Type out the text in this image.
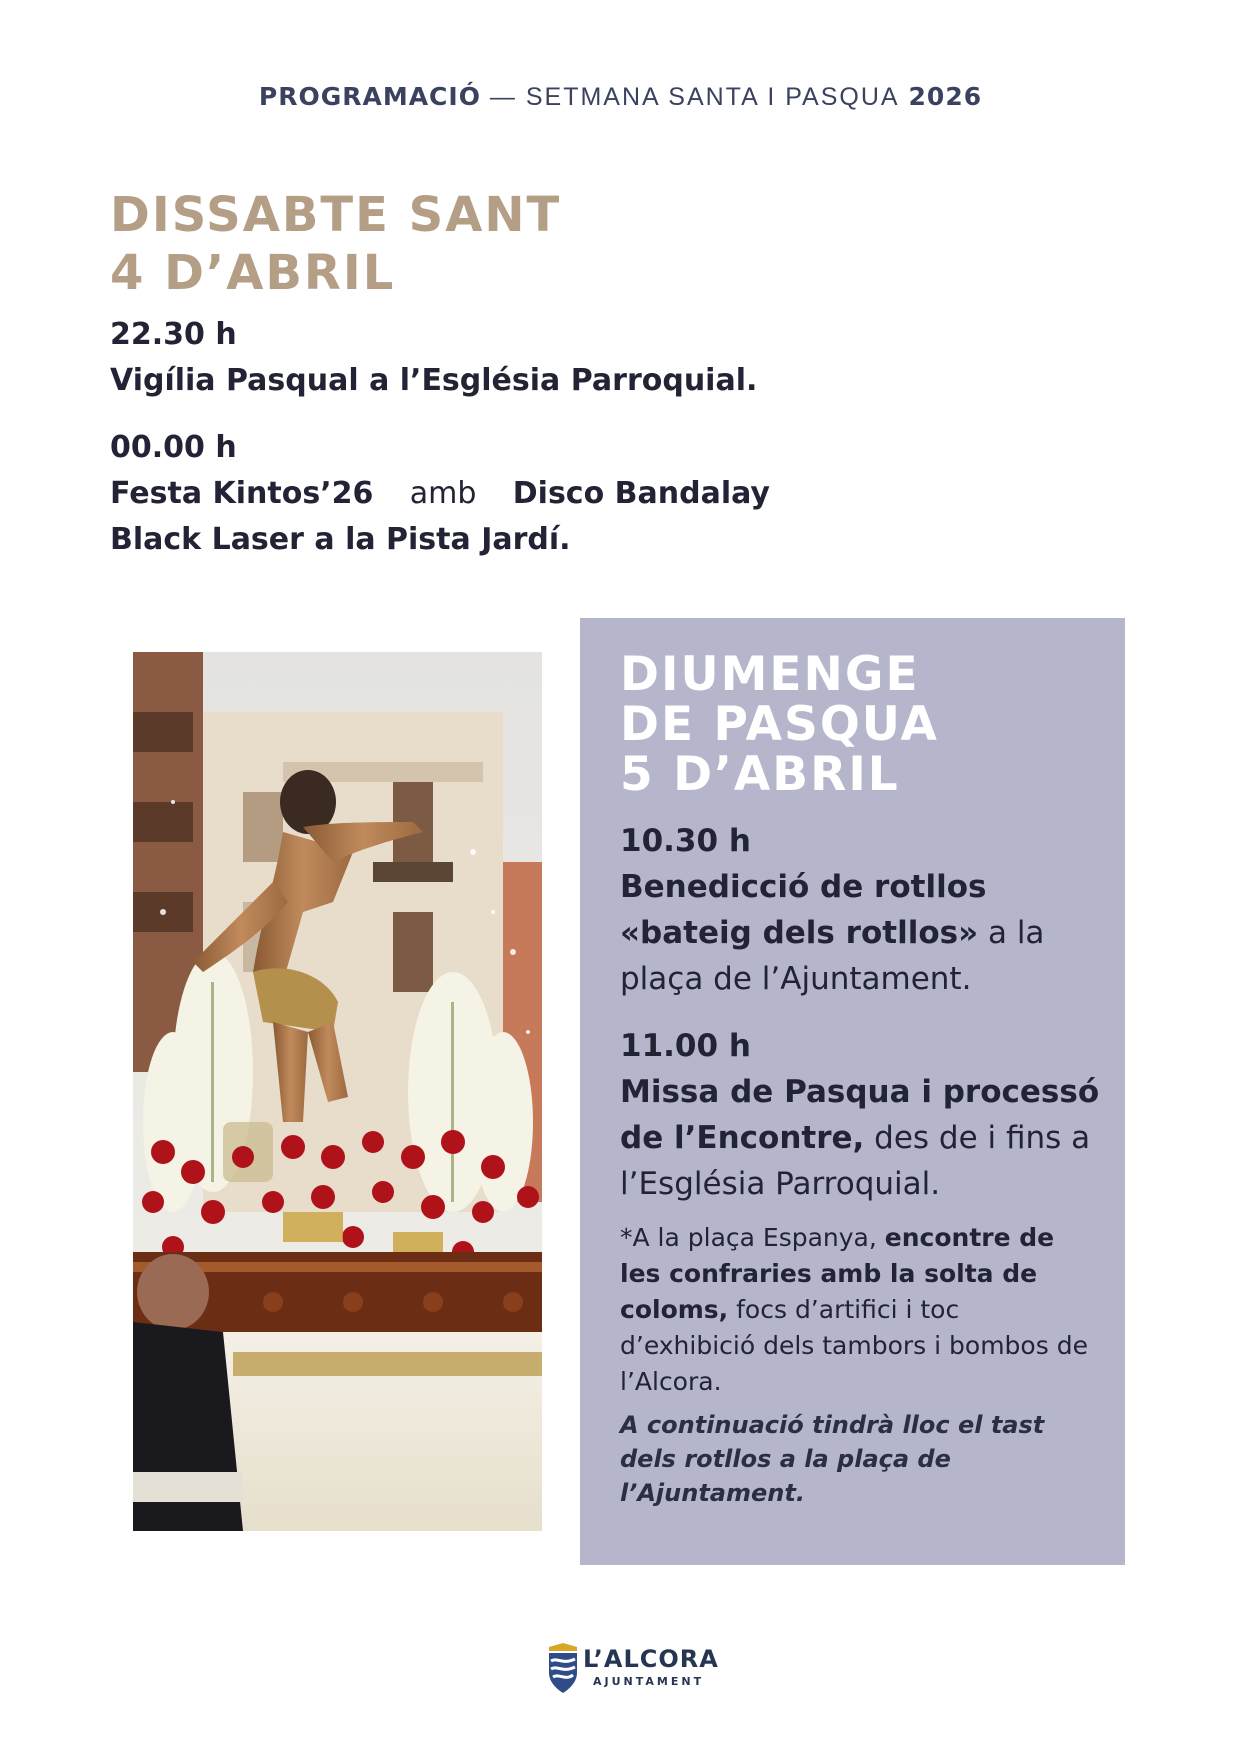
PROGRAMACIÓ — SETMANA SANTA I PASQUA 2026
DISSABTE SANT
4 D’ABRIL
22.30 h
Vigília Pasqual a l’Església Parroquial.
00.00 h
Festa Kintos’26 amb Disco Bandalay
Black Laser a la Pista Jardí.
DIUMENGE
DE PASQUA
5 D’ABRIL
10.30 h
Benedicció de rotllos
«bateig dels rotllos» a la
plaça de l’Ajuntament.
11.00 h
Missa de Pasqua i processó
de l’Encontre, des de i fins a
l’Església Parroquial.
*A la plaça Espanya, encontre de les confraries amb la solta de coloms, focs d’artifici i toc d’exhibició dels tambors i bombos de l’Alcora.
A continuació tindrà lloc el tast dels rotllos a la plaça de l’Ajuntament.
L’ALCORA
AJUNTAMENT
